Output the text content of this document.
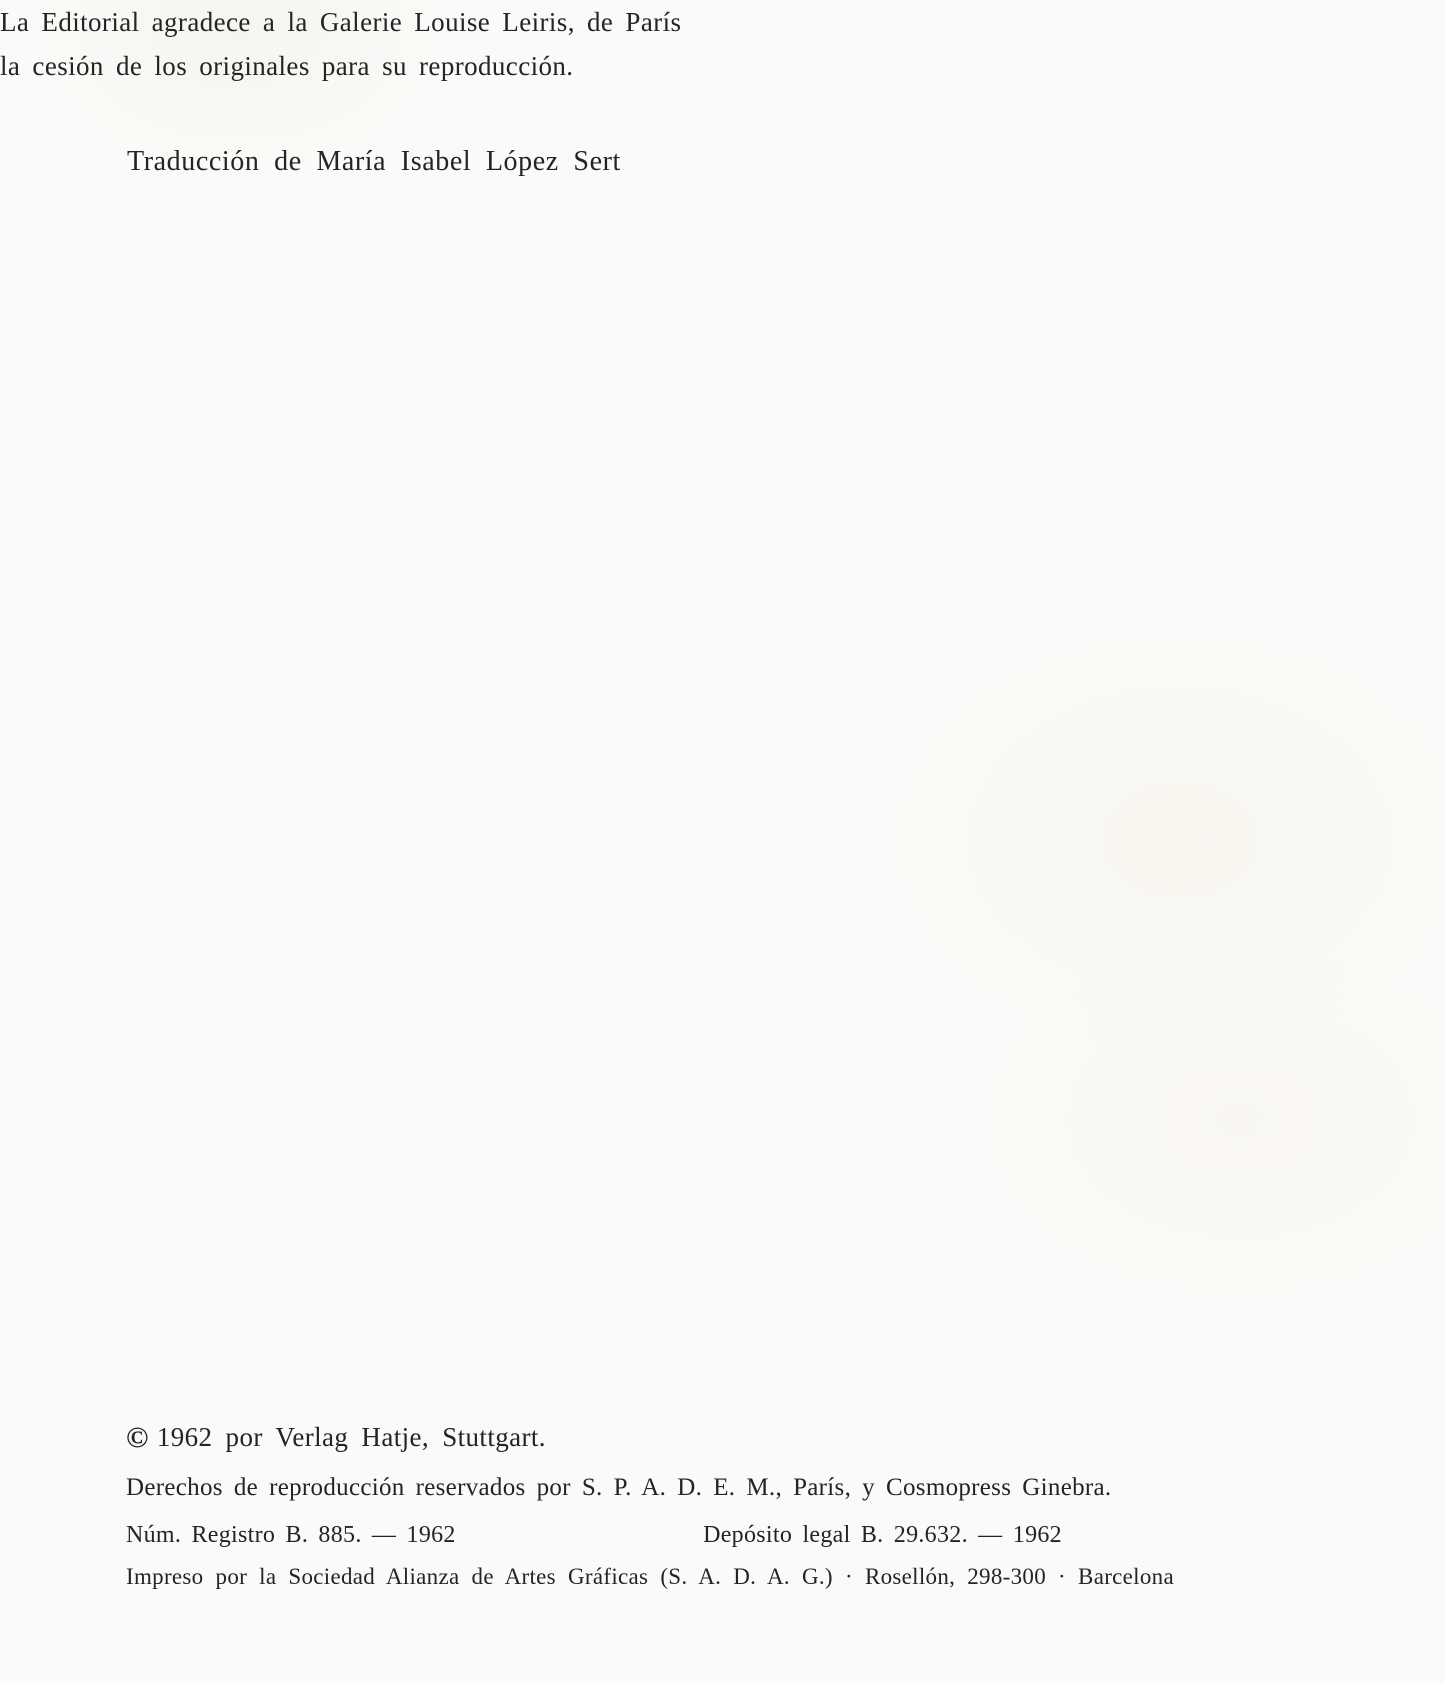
Traducción de María Isabel López Sert
La Editorial agradece a la Galerie Louise Leiris, de París
la cesión de los originales para su reproducción.
© 1962 por Verlag Hatje, Stuttgart.
Derechos de reproducción reservados por S. P. A. D. E. M., París, y Cosmopress Ginebra.
Núm. Registro B. 885. — 1962	Depósito legal B. 29.632. — 1962
Impreso por la Sociedad Alianza de Artes Gráficas (S. A. D. A. G.) · Rosellón, 298-300 · Barcelona
